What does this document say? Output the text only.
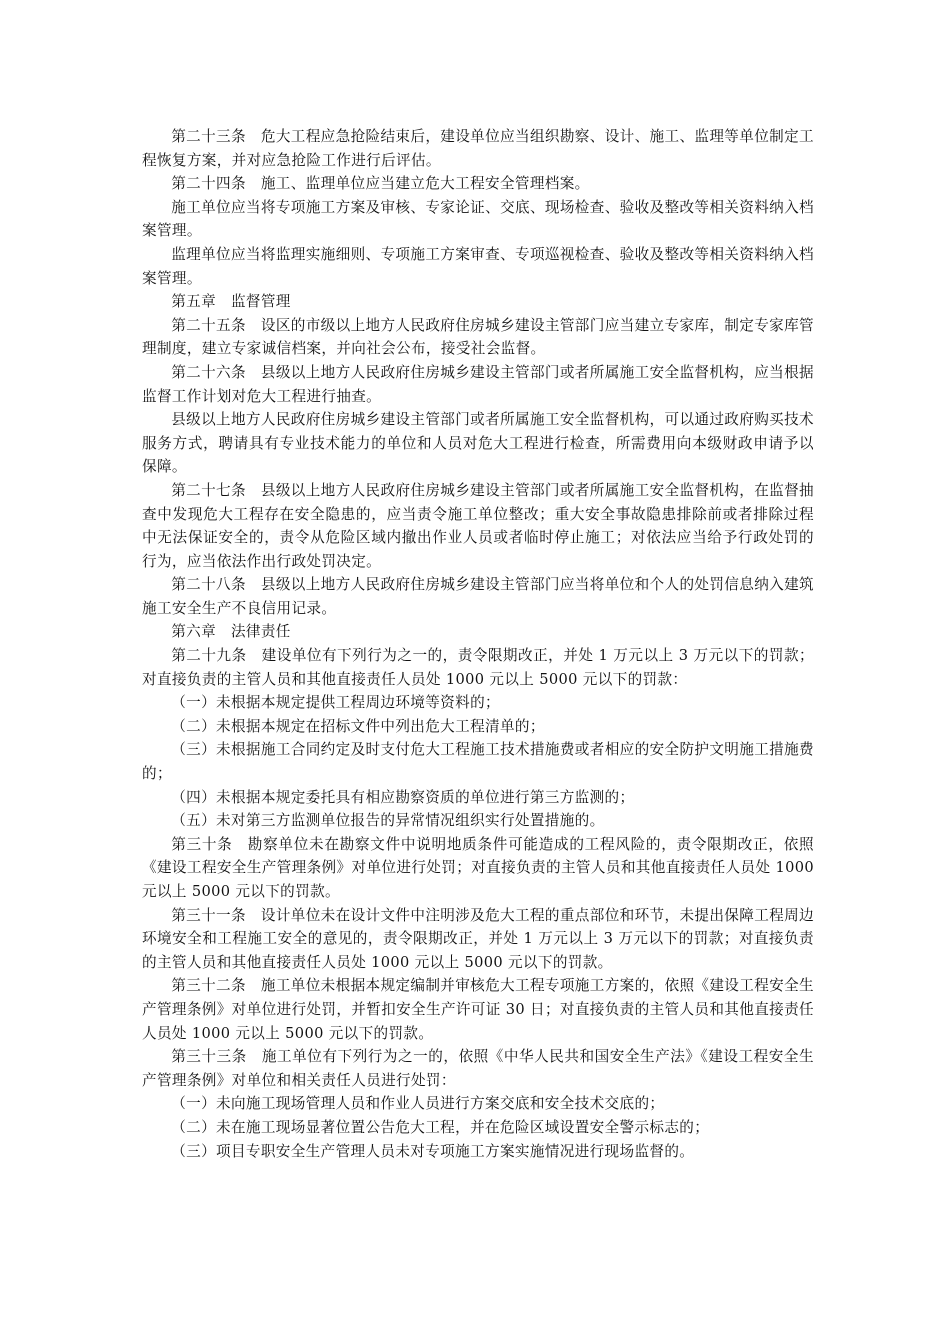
第二十三条　危大工程应急抢险结束后，建设单位应当组织勘察、设计、施工、监理等单位制定工程恢复方案，并对应急抢险工作进行后评估。

第二十四条　施工、监理单位应当建立危大工程安全管理档案。

施工单位应当将专项施工方案及审核、专家论证、交底、现场检查、验收及整改等相关资料纳入档案管理。

监理单位应当将监理实施细则、专项施工方案审查、专项巡视检查、验收及整改等相关资料纳入档案管理。

第五章　监督管理

第二十五条　设区的市级以上地方人民政府住房城乡建设主管部门应当建立专家库，制定专家库管理制度，建立专家诚信档案，并向社会公布，接受社会监督。

第二十六条　县级以上地方人民政府住房城乡建设主管部门或者所属施工安全监督机构，应当根据监督工作计划对危大工程进行抽查。

县级以上地方人民政府住房城乡建设主管部门或者所属施工安全监督机构，可以通过政府购买技术服务方式，聘请具有专业技术能力的单位和人员对危大工程进行检查，所需费用向本级财政申请予以保障。

第二十七条　县级以上地方人民政府住房城乡建设主管部门或者所属施工安全监督机构，在监督抽查中发现危大工程存在安全隐患的，应当责令施工单位整改；重大安全事故隐患排除前或者排除过程中无法保证安全的，责令从危险区域内撤出作业人员或者临时停止施工；对依法应当给予行政处罚的行为，应当依法作出行政处罚决定。

第二十八条　县级以上地方人民政府住房城乡建设主管部门应当将单位和个人的处罚信息纳入建筑施工安全生产不良信用记录。

第六章　法律责任

第二十九条　建设单位有下列行为之一的，责令限期改正，并处 1 万元以上 3 万元以下的罚款；对直接负责的主管人员和其他直接责任人员处 1000 元以上 5000 元以下的罚款：

（一）未根据本规定提供工程周边环境等资料的；

（二）未根据本规定在招标文件中列出危大工程清单的；

（三）未根据施工合同约定及时支付危大工程施工技术措施费或者相应的安全防护文明施工措施费的；

（四）未根据本规定委托具有相应勘察资质的单位进行第三方监测的；

（五）未对第三方监测单位报告的异常情况组织实行处置措施的。

第三十条　勘察单位未在勘察文件中说明地质条件可能造成的工程风险的，责令限期改正，依照《建设工程安全生产管理条例》对单位进行处罚；对直接负责的主管人员和其他直接责任人员处 1000 元以上 5000 元以下的罚款。

第三十一条　设计单位未在设计文件中注明涉及危大工程的重点部位和环节，未提出保障工程周边环境安全和工程施工安全的意见的，责令限期改正，并处 1 万元以上 3 万元以下的罚款；对直接负责的主管人员和其他直接责任人员处 1000 元以上 5000 元以下的罚款。

第三十二条　施工单位未根据本规定编制并审核危大工程专项施工方案的，依照《建设工程安全生产管理条例》对单位进行处罚，并暂扣安全生产许可证 30 日；对直接负责的主管人员和其他直接责任人员处 1000 元以上 5000 元以下的罚款。

第三十三条　施工单位有下列行为之一的，依照《中华人民共和国安全生产法》《建设工程安全生产管理条例》对单位和相关责任人员进行处罚：

（一）未向施工现场管理人员和作业人员进行方案交底和安全技术交底的；

（二）未在施工现场显著位置公告危大工程，并在危险区域设置安全警示标志的；

（三）项目专职安全生产管理人员未对专项施工方案实施情况进行现场监督的。
